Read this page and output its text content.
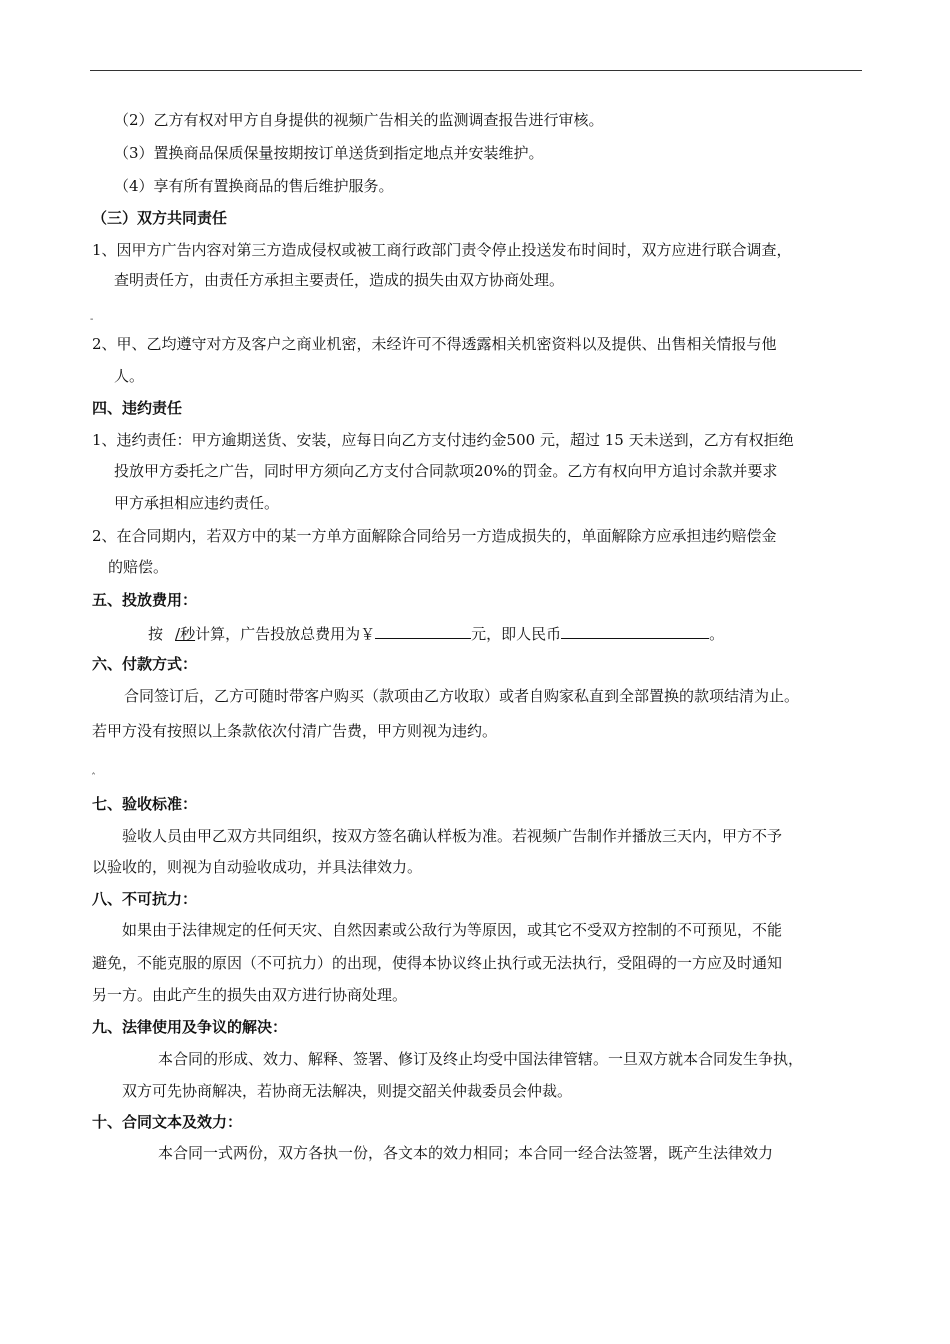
（2）乙方有权对甲方自身提供的视频广告相关的监测调查报告进行审核。
（3）置换商品保质保量按期按订单送货到指定地点并安装维护。
（4）享有所有置换商品的售后维护服务。
（三）双方共同责任
1、因甲方广告内容对第三方造成侵权或被工商行政部门责令停止投送发布时间时，双方应进行联合调查，
查明责任方，由责任方承担主要责任，造成的损失由双方协商处理。
-
2、甲、乙均遵守对方及客户之商业机密，未经许可不得透露相关机密资料以及提供、出售相关情报与他
人。
四、违约责任
1、违约责任：甲方逾期送货、安装，应每日向乙方支付违约金500 元，超过 15 天未送到，乙方有权拒绝
投放甲方委托之广告，同时甲方须向乙方支付合同款项20%的罚金。乙方有权向甲方追讨余款并要求
甲方承担相应违约责任。
2、在合同期内，若双方中的某一方单方面解除合同给另一方造成损失的，单面解除方应承担违约赔偿金
的赔偿。
五、投放费用：
按 /秒计算，广告投放总费用为￥	元，即人民币	。
六、付款方式：
合同签订后，乙方可随时带客户购买（款项由乙方收取）或者自购家私直到全部置换的款项结清为止。
若甲方没有按照以上条款依次付清广告费，甲方则视为违约。
ˆ
七、验收标准：
验收人员由甲乙双方共同组织，按双方签名确认样板为准。若视频广告制作并播放三天内，甲方不予
以验收的，则视为自动验收成功，并具法律效力。
八、不可抗力：
如果由于法律规定的任何天灾、自然因素或公敌行为等原因，或其它不受双方控制的不可预见，不能
避免，不能克服的原因（不可抗力）的出现，使得本协议终止执行或无法执行，受阻碍的一方应及时通知
另一方。由此产生的损失由双方进行协商处理。
九、法律使用及争议的解决：
本合同的形成、效力、解释、签署、修订及终止均受中国法律管辖。一旦双方就本合同发生争执，
双方可先协商解决，若协商无法解决，则提交韶关仲裁委员会仲裁。
十、合同文本及效力：
本合同一式两份，双方各执一份，各文本的效力相同；本合同一经合法签署，既产生法律效力
